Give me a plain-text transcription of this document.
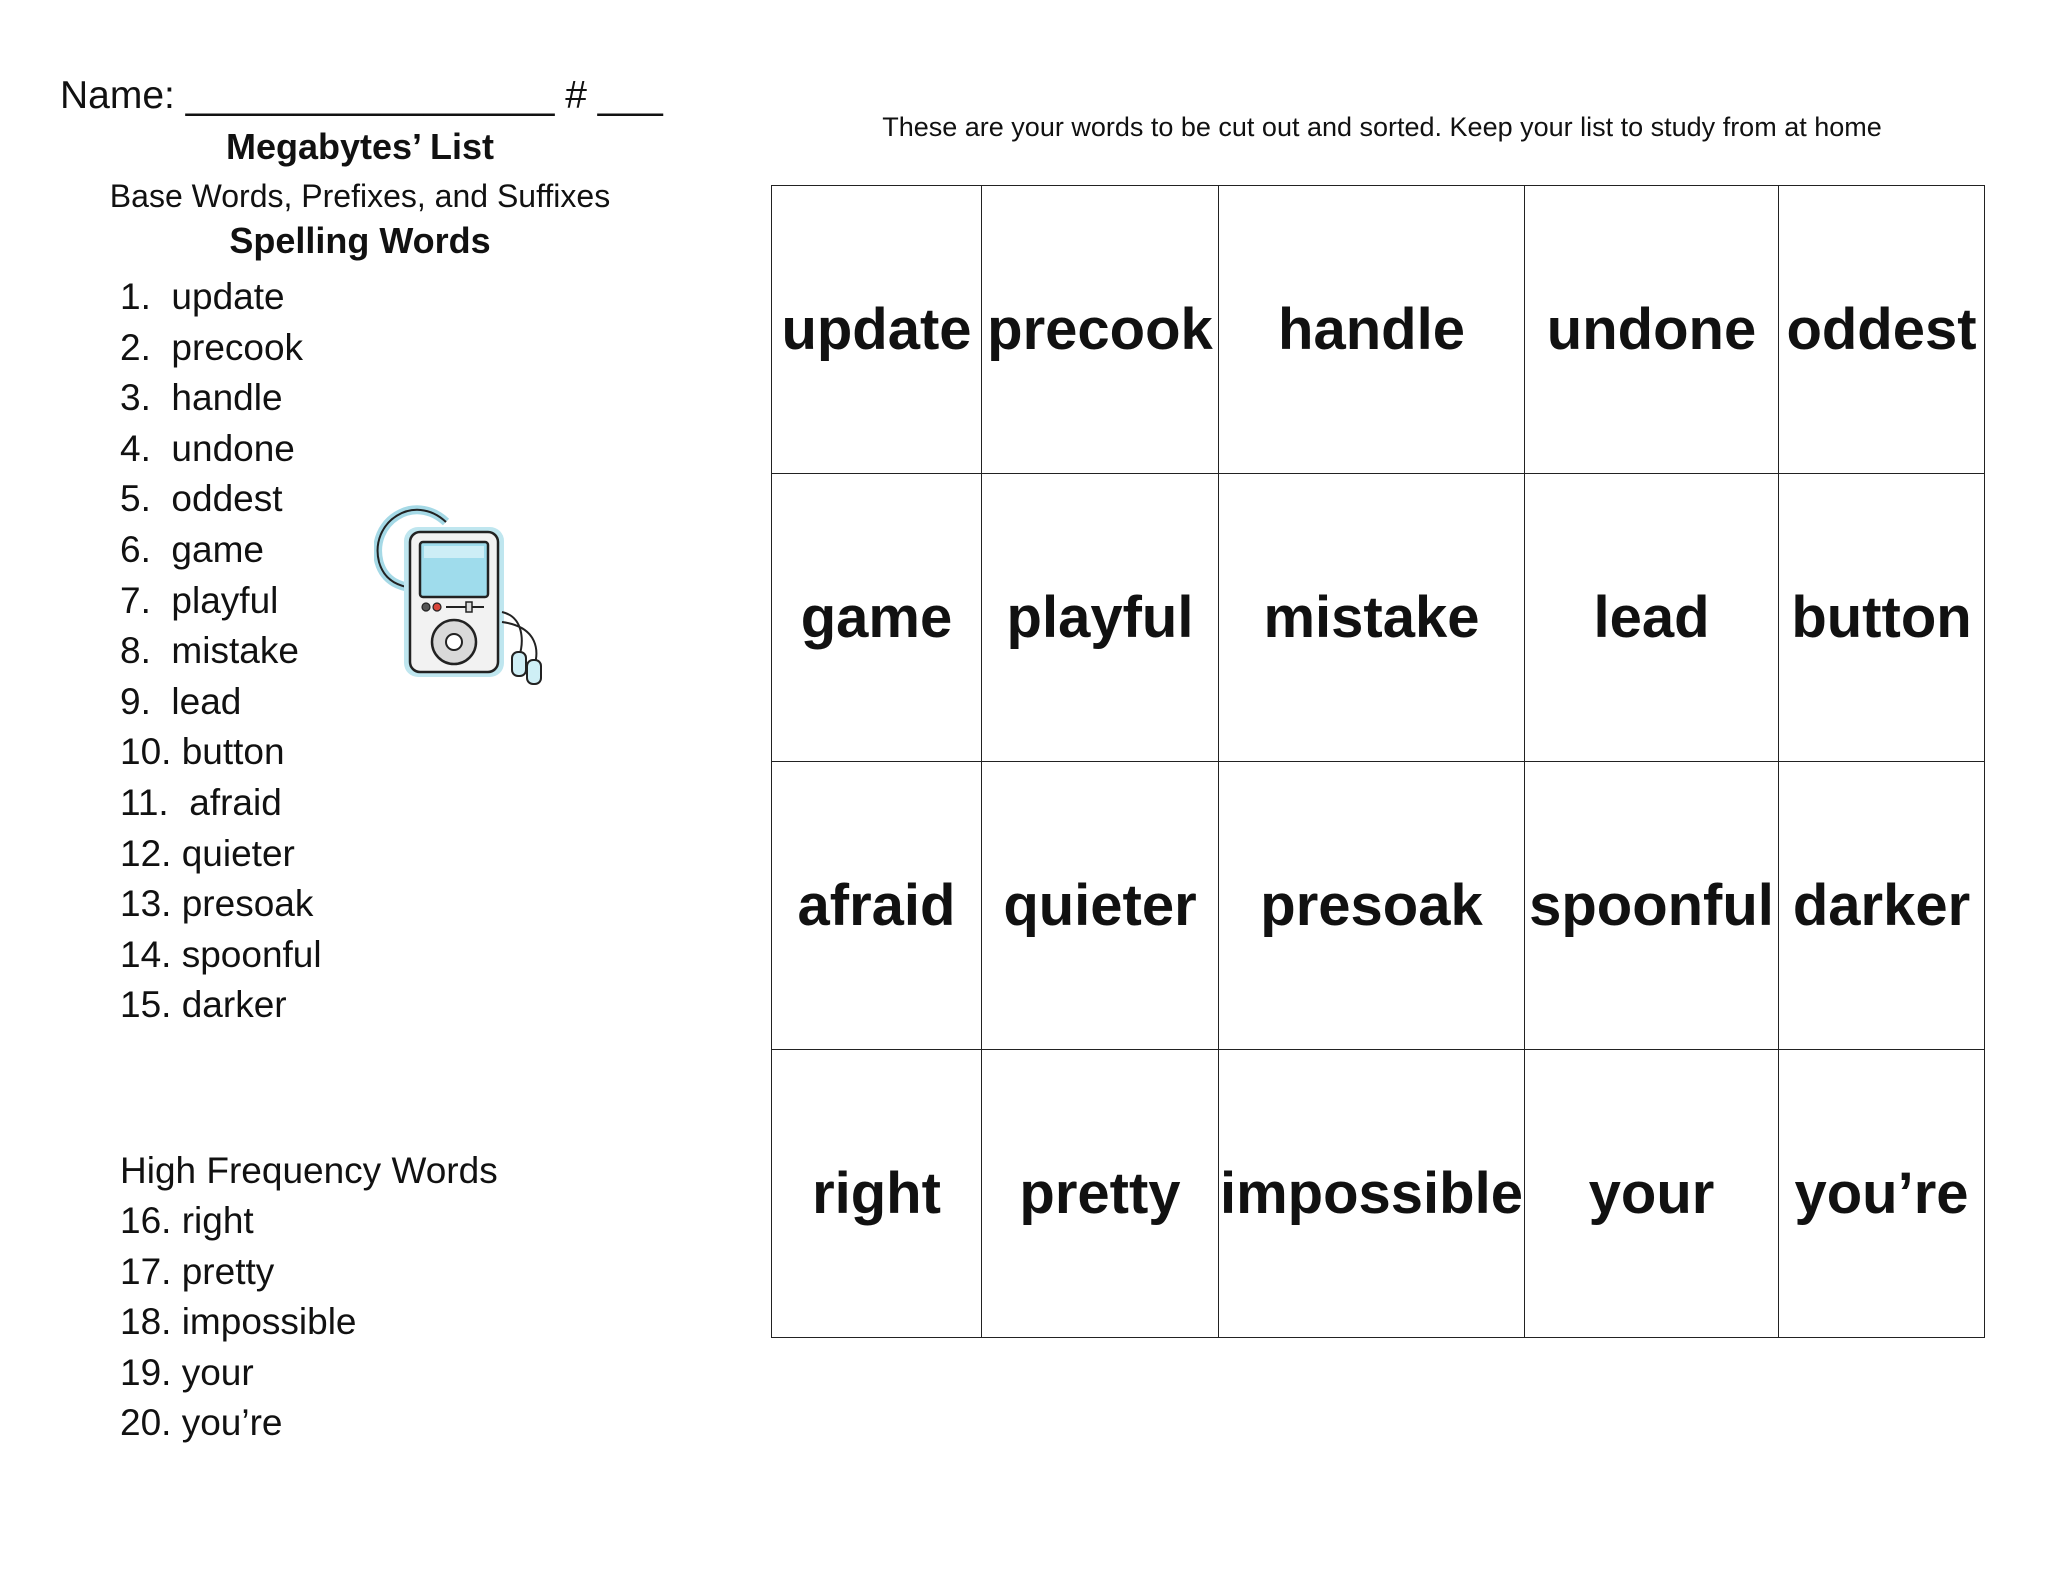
Name: _________________ # ___

Megabytes’ List
Base Words, Prefixes, and Suffixes
Spelling Words
1.  update
2.  precook
3.  handle
4.  undone
5.  oddest
6.  game
7.  playful
8.  mistake
9.  lead
10. button
11.  afraid
12. quieter
13. presoak
14. spoonful
15. darker
High Frequency Words
16. right
17. pretty
18. impossible
19. your
20. you’re
These are your words to be cut out and sorted. Keep your list to study from at home
update	precook	handle	undone	oddest
game	playful	mistake	lead	button
afraid	quieter	presoak	spoonful	darker
right	pretty	impossible	your	you’re
